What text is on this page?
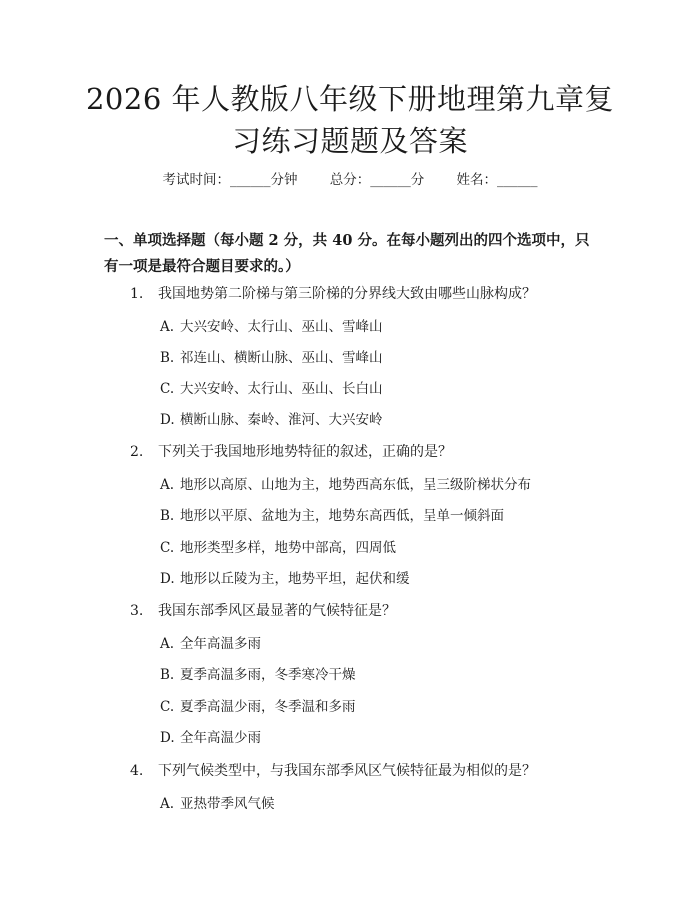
2026 年人教版八年级下册地理第九章复习练习题题及答案
考试时间：______分钟 总分：______分 姓名：______
一、单项选择题（每小题 2 分，共 40 分。在每小题列出的四个选项中，只有一项是最符合题目要求的。）
1. 我国地势第二阶梯与第三阶梯的分界线大致由哪些山脉构成？
A. 大兴安岭、太行山、巫山、雪峰山
B. 祁连山、横断山脉、巫山、雪峰山
C. 大兴安岭、太行山、巫山、长白山
D. 横断山脉、秦岭、淮河、大兴安岭
2. 下列关于我国地形地势特征的叙述，正确的是？
A. 地形以高原、山地为主，地势西高东低，呈三级阶梯状分布
B. 地形以平原、盆地为主，地势东高西低，呈单一倾斜面
C. 地形类型多样，地势中部高，四周低
D. 地形以丘陵为主，地势平坦，起伏和缓
3. 我国东部季风区最显著的气候特征是？
A. 全年高温多雨
B. 夏季高温多雨，冬季寒冷干燥
C. 夏季高温少雨，冬季温和多雨
D. 全年高温少雨
4. 下列气候类型中，与我国东部季风区气候特征最为相似的是？
A. 亚热带季风气候
